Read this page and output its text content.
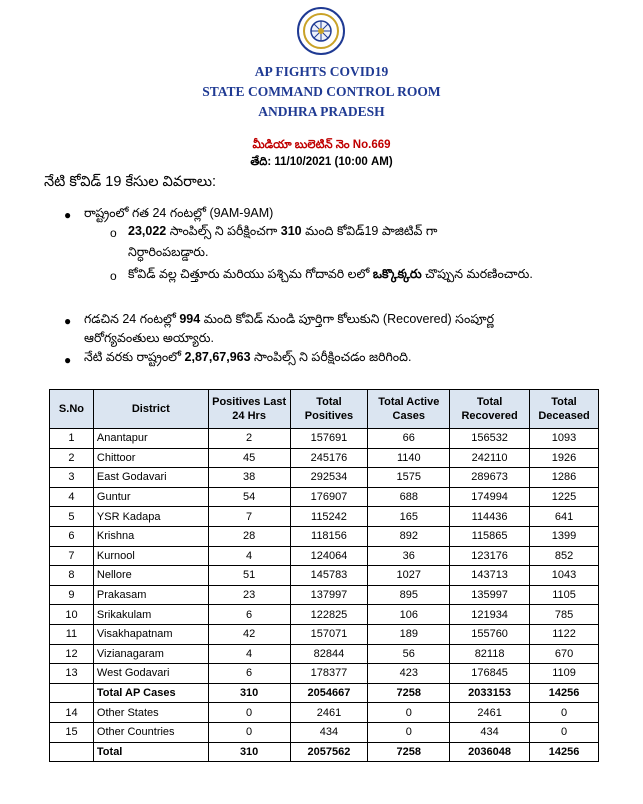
AP FIGHTS COVID19
STATE COMMAND CONTROL ROOM
ANDHRA PRADESH
మీడియా బులెటిన్ నెం No.669
తేది: 11/10/2021 (10:00 AM)
నేటి కోవిడ్ 19 కేసుల వివరాలు:
● రాష్ట్రంలో గత 24 గంటల్లో (9AM-9AM)
o 23,022 సాంపిల్స్ ని పరీక్షించగా 310 మంది కోవిడ్19 పాజిటివ్ గా
నిర్ధారింపబడ్డారు.
o కోవిడ్ వల్ల చిత్తూరు మరియు పశ్చిమ గోదావరి లలో ఒక్కొక్కరు చొప్పున మరణించారు.
● గడచిన 24 గంటల్లో 994 మంది కోవిడ్ నుండి పూర్తిగా కోలుకుని (Recovered) సంపూర్ణ
ఆరోగ్యవంతులు అయ్యారు.
● నేటి వరకు రాష్ట్రంలో 2,87,67,963 సాంపిల్స్ ని పరీక్షించడం జరిగింది.
S.No	District	Positives Last 24 Hrs	Total Positives	Total Active Cases	Total Recovered	Total Deceased
1	Anantapur	2	157691	66	156532	1093
2	Chittoor	45	245176	1140	242110	1926
3	East Godavari	38	292534	1575	289673	1286
4	Guntur	54	176907	688	174994	1225
5	YSR Kadapa	7	115242	165	114436	641
6	Krishna	28	118156	892	115865	1399
7	Kurnool	4	124064	36	123176	852
8	Nellore	51	145783	1027	143713	1043
9	Prakasam	23	137997	895	135997	1105
10	Srikakulam	6	122825	106	121934	785
11	Visakhapatnam	42	157071	189	155760	1122
12	Vizianagaram	4	82844	56	82118	670
13	West Godavari	6	178377	423	176845	1109
	Total AP Cases	310	2054667	7258	2033153	14256
14	Other States	0	2461	0	2461	0
15	Other Countries	0	434	0	434	0
	Total	310	2057562	7258	2036048	14256
